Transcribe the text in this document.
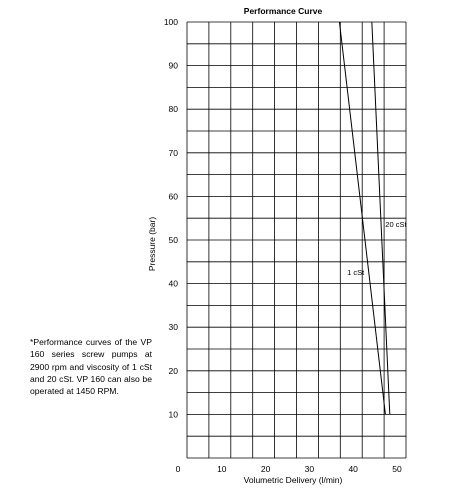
Performance Curve
1 cSt
20 cSt
0	10	20	30	40	50
10
20
30
40
50
60
70
80
90
100
Volumetric Delivery (l/min)
Pressure (bar)
*Performance curves of the VP 160 series screw pumps at 2900 rpm and viscosity of 1 cSt and 20 cSt. VP 160 can also be operated at 1450 RPM.
